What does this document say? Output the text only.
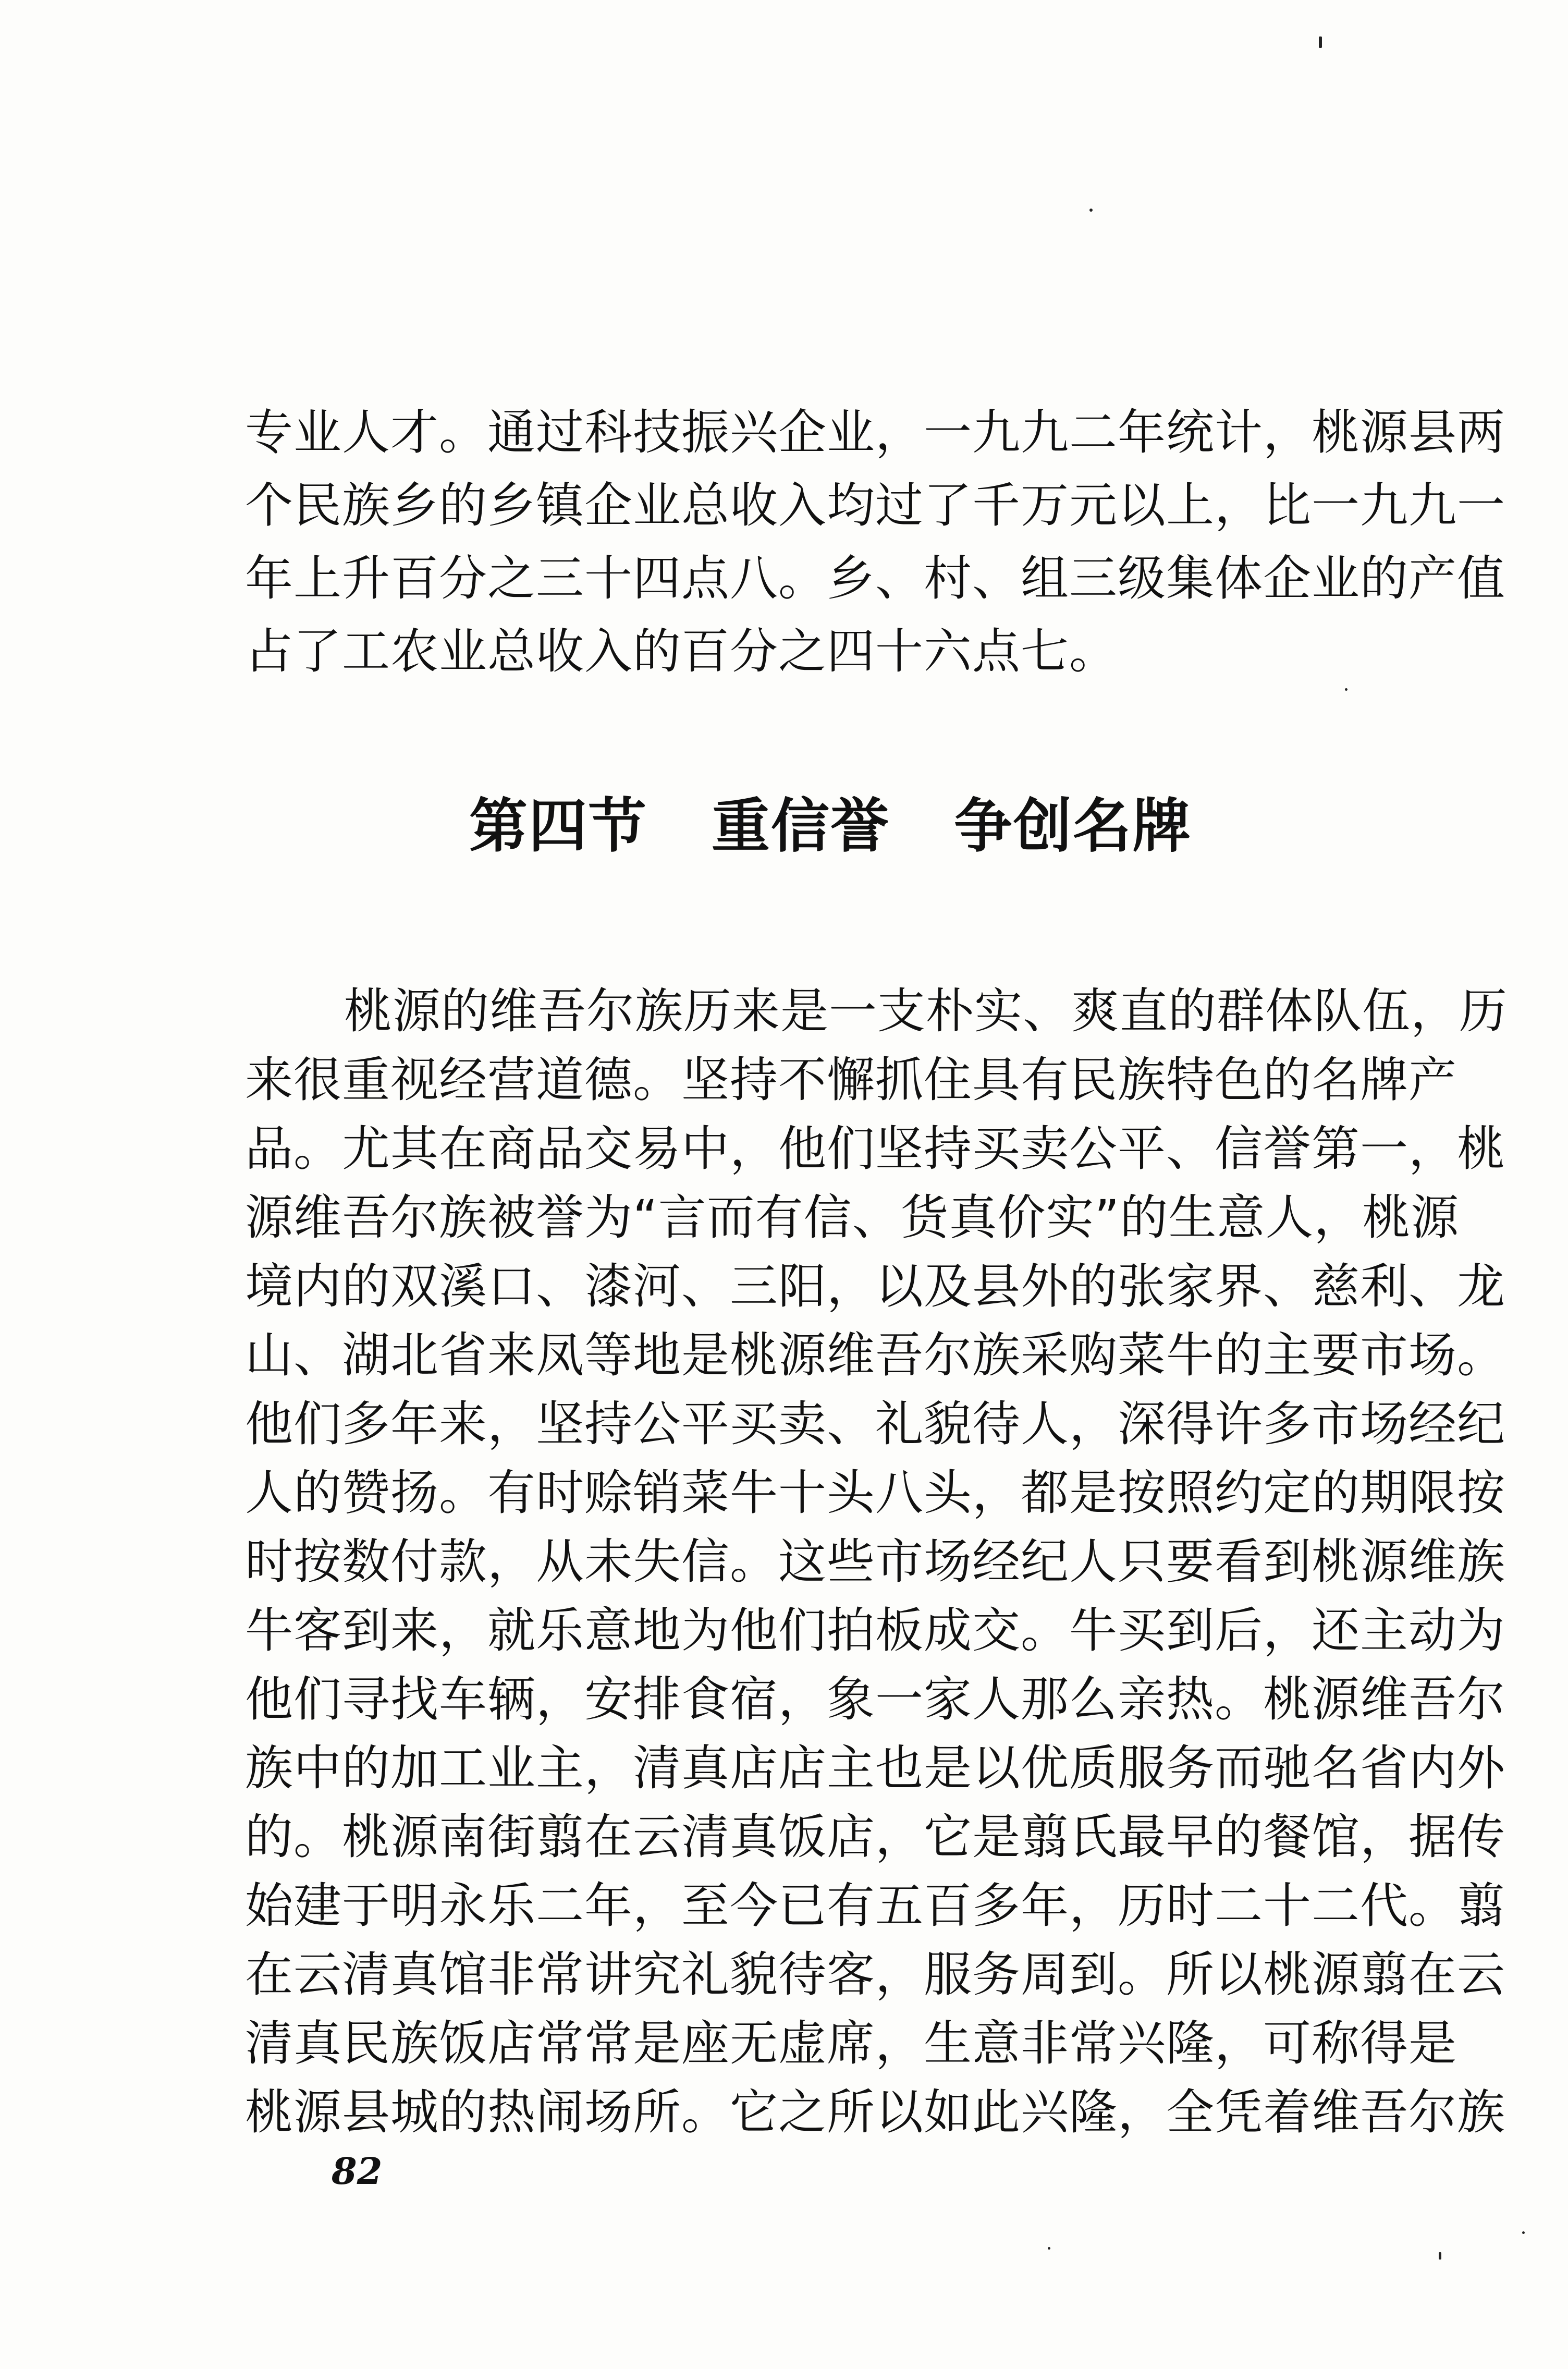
专业人才。通过科技振兴企业，一九九二年统计，桃源县两
个民族乡的乡镇企业总收入均过了千万元以上，比一九九一
年上升百分之三十四点八。乡、村、组三级集体企业的产值
占了工农业总收入的百分之四十六点七。
第四节   重信誉   争创名牌
桃源的维吾尔族历来是一支朴实、爽直的群体队伍，历
来很重视经营道德。坚持不懈抓住具有民族特色的名牌产
品。尤其在商品交易中，他们坚持买卖公平、信誉第一，桃
源维吾尔族被誉为“言而有信、货真价实”的生意人，桃源
境内的双溪口、漆河、三阳，以及县外的张家界、慈利、龙
山、湖北省来凤等地是桃源维吾尔族采购菜牛的主要市场。
他们多年来，坚持公平买卖、礼貌待人，深得许多市场经纪
人的赞扬。有时赊销菜牛十头八头，都是按照约定的期限按
时按数付款，从未失信。这些市场经纪人只要看到桃源维族
牛客到来，就乐意地为他们拍板成交。牛买到后，还主动为
他们寻找车辆，安排食宿，象一家人那么亲热。桃源维吾尔
族中的加工业主，清真店店主也是以优质服务而驰名省内外
的。桃源南街翦在云清真饭店，它是翦氏最早的餐馆，据传
始建于明永乐二年，至今已有五百多年，历时二十二代。翦
在云清真馆非常讲究礼貌待客，服务周到。所以桃源翦在云
清真民族饭店常常是座无虚席，生意非常兴隆，可称得是
桃源县城的热闹场所。它之所以如此兴隆，全凭着维吾尔族
82
